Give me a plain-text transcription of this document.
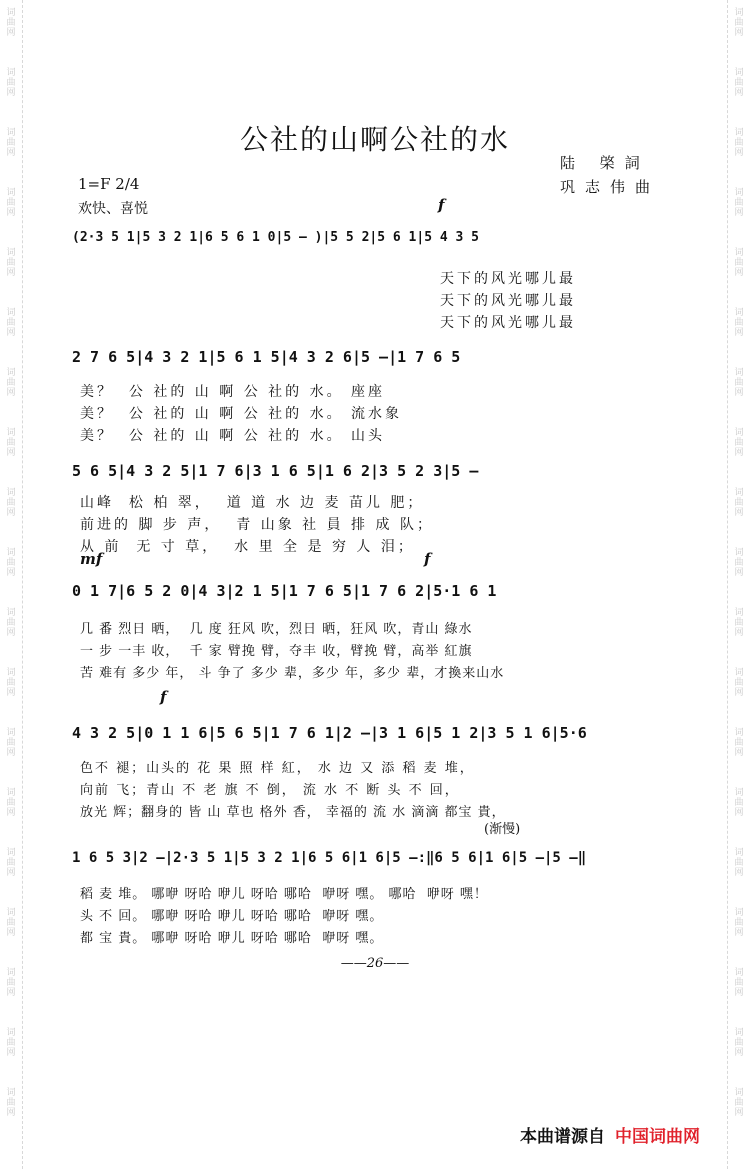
词
曲
网
词
曲
网
词
曲
网
词
曲
网
词
曲
网
词
曲
网
词
曲
网
词
曲
网
词
曲
网
词
曲
网
词
曲
网
词
曲
网
词
曲
网
词
曲
网
词
曲
网
词
曲
网
词
曲
网
词
曲
网
词
曲
网
词
曲
网
词
曲
网
词
曲
网
词
曲
网
词
曲
网
词
曲
网
词
曲
网
词
曲
网
词
曲
网
词
曲
网
词
曲
网
词
曲
网
词
曲
网
词
曲
网
词
曲
网
词
曲
网
词
曲
网
词
曲
网
词
曲
网
公社的山啊公社的水
陆 棨詞
巩志伟曲
1=F 2/4
欢快、喜悦	f
(2·3 5 1|5 3 2 1|6 5 6 1 0|5 — )|5 5 2|5 6 1|5 4 3 5
天下的风光哪儿最
天下的风光哪儿最
天下的风光哪儿最
2 7 6 5|4 3 2 1|5 6 1 5|4 3 2 6|5 —|1 7 6 5
美？  公 社的 山 啊 公 社的 水。 座座
美？  公 社的 山 啊 公 社的 水。 流水象
美？  公 社的 山 啊 公 社的 水。 山头
5 6 5|4 3 2 5|1 7 6|3 1 6 5|1 6 2|3 5 2 3|5 —
山峰  松 柏 翠，  道 道 水 边 麦 苗儿 肥；
前进的 脚 步 声，  青 山象 社 員 排 成 队；
从 前  无 寸 草，  水 里 全 是 穷 人 泪；
mf	f
0 1 7|6 5 2 0|4 3|2 1 5|1 7 6 5|1 7 6 2|5·1 6 1
几 番 烈日 晒，  几 度 狂风 吹，烈日 晒，狂风 吹，青山 綠水
一 步 一丰 收，  千 家 臂挽 臂，夺丰 收，臂挽 臂，高举 紅旗
苦 难有 多少 年， 斗 争了 多少 辈，多少 年，多少 辈，才換来山水
f
4 3 2 5|0 1 1 6|5 6 5|1 7 6 1|2 —|3 1 6|5 1 2|3 5 1 6|5·6
色不 褪；山头的 花 果 照 样 紅， 水 边 又 添 稻 麦 堆，
向前 飞；青山 不 老 旗 不 倒， 流 水 不 断 头 不 回，
放光 辉；翻身的 皆 山 草也 格外 香， 幸福的 流 水 滴滴 都宝 貴，
(渐慢)
1 6 5 3|2 —|2·3 5 1|5 3 2 1|6 5 6|1 6|5 —:‖6 5 6|1 6|5 —|5 —‖
稻 麦 堆。 哪咿 呀哈 咿儿 呀哈 哪哈  咿呀 嘿。 哪哈  咿呀 嘿！
头 不 回。 哪咿 呀哈 咿儿 呀哈 哪哈  咿呀 嘿。
都 宝 貴。 哪咿 呀哈 咿儿 呀哈 哪哈  咿呀 嘿。
——26——
本曲谱源自 中国词曲网
